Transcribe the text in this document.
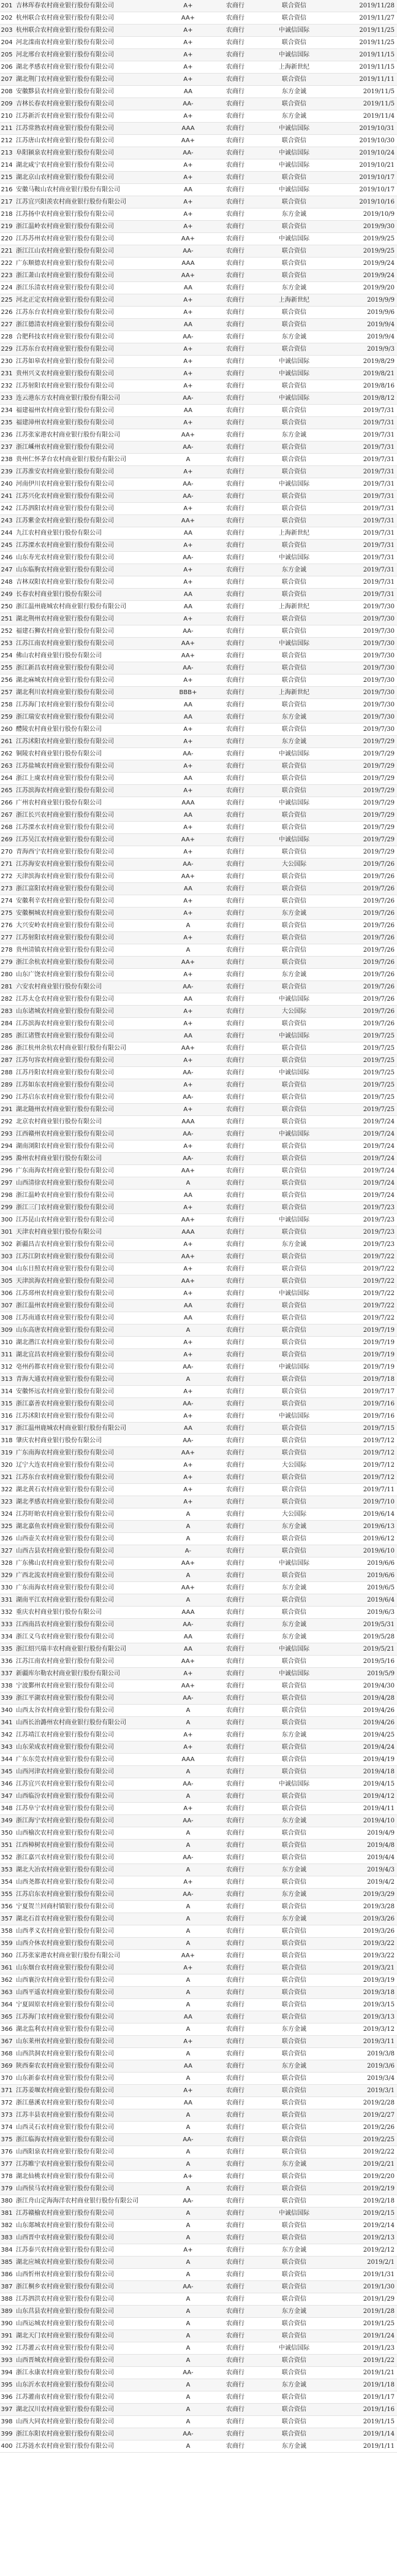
201	吉林珲春农村商业银行股份有限公司	A+	农商行	联合资信	2019/11/28
202	杭州联合农村商业银行股份有限公司	AA+	农商行	联合资信	2019/11/27
203	杭州联合农村商业银行股份有限公司	A+	农商行	中诚信国际	2019/11/25
204	河北滦南农村商业银行股份有限公司	A+	农商行	联合资信	2019/11/25
205	河北邢台农村商业银行股份有限公司	A+	农商行	中诚信国际	2019/11/15
206	湖北孝感农村商业银行股份有限公司	A+	农商行	上海新世纪	2019/11/15
207	湖北荆门农村商业银行股份有限公司	A+	农商行	联合资信	2019/11/11
208	安徽黟县农村商业银行股份有限公司	AA	农商行	东方金诚	2019/11/5
209	吉林长春农村商业银行股份有限公司	AA-	农商行	联合资信	2019/11/5
210	江苏新沂农村商业银行股份有限公司	A+	农商行	东方金诚	2019/11/4
211	江苏常熟农村商业银行股份有限公司	AAA	农商行	中诚信国际	2019/10/31
212	江苏唐山农村商业银行股份有限公司	AA+	农商行	联合资信	2019/10/30
213	阜阳颍泉农村商业银行股份有限公司	AA-	农商行	中诚信国际	2019/10/24
214	湖北咸宁农村商业银行股份有限公司	A+	农商行	中诚信国际	2019/10/21
215	湖北京山农村商业银行股份有限公司	A+	农商行	联合资信	2019/10/17
216	安徽马鞍山农村商业银行股份有限公司	AA	农商行	中诚信国际	2019/10/17
217	江苏宜兴阳羡农村商业银行股份有限公司	A+	农商行	联合资信	2019/10/16
218	江苏扬中农村商业银行股份有限公司	A+	农商行	东方金诚	2019/10/9
219	浙江温岭农村商业银行股份有限公司	A+	农商行	联合资信	2019/9/30
220	江苏苏州农村商业银行股份有限公司	AA+	农商行	中诚信国际	2019/9/25
221	浙江江山农村商业银行股份有限公司	AA-	农商行	联合资信	2019/9/25
222	广东顺德农村商业银行股份有限公司	AAA	农商行	联合资信	2019/9/24
223	浙江萧山农村商业银行股份有限公司	AA+	农商行	联合资信	2019/9/24
224	浙江乐清农村商业银行股份有限公司	AA	农商行	东方金诚	2019/9/20
225	河北正定农村商业银行股份有限公司	A+	农商行	上海新世纪	2019/9/9
226	江苏东台农村商业银行股份有限公司	A+	农商行	联合资信	2019/9/6
227	浙江德清农村商业银行股份有限公司	AA	农商行	联合资信	2019/9/4
228	合肥科技农村商业银行股份有限公司	AA-	农商行	东方金诚	2019/9/4
229	江苏东台农村商业银行股份有限公司	A+	农商行	联合资信	2019/9/3
230	江苏如皋农村商业银行股份有限公司	A+	农商行	中诚信国际	2019/8/29
231	贵州兴义农村商业银行股份有限公司	A+	农商行	中诚信国际	2019/8/21
232	江苏射阳农村商业银行股份有限公司	A+	农商行	联合资信	2019/8/16
233	连云港东方农村商业银行股份有限公司	AA-	农商行	中诚信国际	2019/8/12
234	福建福州农村商业银行股份有限公司	AA	农商行	联合资信	2019/7/31
235	福建漳州农村商业银行股份有限公司	A+	农商行	联合资信	2019/7/31
236	江苏张家港农村商业银行股份有限公司	AA+	农商行	东方金诚	2019/7/31
237	浙江嵊州农村商业银行股份有限公司	AA-	农商行	联合资信	2019/7/31
238	贵州仁怀茅台农村商业银行股份有限公司	A	农商行	联合资信	2019/7/31
239	江苏淮安农村商业银行股份有限公司	A+	农商行	联合资信	2019/7/31
240	河南伊川农村商业银行股份有限公司	AA-	农商行	中诚信国际	2019/7/31
241	江苏兴化农村商业银行股份有限公司	AA-	农商行	联合资信	2019/7/31
242	江苏泗阳农村商业银行股份有限公司	A+	农商行	联合资信	2019/7/31
243	江苏紫金农村商业银行股份有限公司	AA+	农商行	联合资信	2019/7/31
244	九江农村商业银行股份有限公司	AA	农商行	上海新世纪	2019/7/31
245	江苏溧水农村商业银行股份有限公司	A+	农商行	联合资信	2019/7/31
246	山东寿光农村商业银行股份有限公司	AA-	农商行	中诚信国际	2019/7/31
247	山东临朐农村商业银行股份有限公司	A+	农商行	东方金诚	2019/7/31
248	吉林双阳农村商业银行股份有限公司	A+	农商行	联合资信	2019/7/31
249	长春农村商业银行股份有限公司	AA	农商行	联合资信	2019/7/31
250	浙江温州鹿城农村商业银行股份有限公司	AA	农商行	上海新世纪	2019/7/30
251	湖北荆州农村商业银行股份有限公司	A+	农商行	联合资信	2019/7/30
252	福建石狮农村商业银行股份有限公司	AA-	农商行	联合资信	2019/7/30
253	江苏江南农村商业银行股份有限公司	AA+	农商行	中诚信国际	2019/7/30
254	佛山农村商业银行股份有限公司	AA+	农商行	联合资信	2019/7/30
255	浙江新昌农村商业银行股份有限公司	AA-	农商行	联合资信	2019/7/30
256	湖北麻城农村商业银行股份有限公司	A+	农商行	联合资信	2019/7/30
257	湖北利川农村商业银行股份有限公司	BBB+	农商行	上海新世纪	2019/7/30
258	江苏海门农村商业银行股份有限公司	AA	农商行	联合资信	2019/7/30
259	浙江瑞安农村商业银行股份有限公司	AA	农商行	东方金诚	2019/7/30
260	醴陵农村商业银行股份有限公司	A+	农商行	联合资信	2019/7/30
261	江苏沭阳农村商业银行股份有限公司	A+	农商行	东方金诚	2019/7/29
262	铜陵农村商业银行股份有限公司	AA-	农商行	中诚信国际	2019/7/29
263	江苏盐城农村商业银行股份有限公司	A+	农商行	联合资信	2019/7/29
264	浙江上虞农村商业银行股份有限公司	AA	农商行	联合资信	2019/7/29
265	江苏滨海农村商业银行股份有限公司	A+	农商行	联合资信	2019/7/29
266	广州农村商业银行股份有限公司	AAA	农商行	中诚信国际	2019/7/29
267	浙江长兴农村商业银行股份有限公司	AA	农商行	联合资信	2019/7/29
268	江苏溧水农村商业银行股份有限公司	A+	农商行	联合资信	2019/7/29
269	江苏吴江农村商业银行股份有限公司	AA+	农商行	中诚信国际	2019/7/29
270	青海西宁农村商业银行股份有限公司	A+	农商行	联合资信	2019/7/29
271	江苏海安农村商业银行股份有限公司	AA-	农商行	大公国际	2019/7/26
272	天津滨海农村商业银行股份有限公司	AA+	农商行	联合资信	2019/7/26
273	浙江富阳农村商业银行股份有限公司	AA	农商行	联合资信	2019/7/26
274	安徽利辛农村商业银行股份有限公司	A+	农商行	联合资信	2019/7/26
275	安徽桐城农村商业银行股份有限公司	A+	农商行	东方金诚	2019/7/26
276	大兴安岭农村商业银行股份有限公司	A	农商行	联合资信	2019/7/26
277	江苏射阳农村商业银行股份有限公司	A+	农商行	联合资信	2019/7/26
278	贵州清镇农村商业银行股份有限公司	A	农商行	联合资信	2019/7/26
279	浙江余杭农村商业银行股份有限公司	AA+	农商行	联合资信	2019/7/26
280	山东广饶农村商业银行股份有限公司	A+	农商行	东方金诚	2019/7/26
281	六安农村商业银行股份有限公司	AA-	农商行	联合资信	2019/7/26
282	江苏太仓农村商业银行股份有限公司	AA	农商行	中诚信国际	2019/7/26
283	山东诸城农村商业银行股份有限公司	A+	农商行	大公国际	2019/7/26
284	江苏滨海农村商业银行股份有限公司	A+	农商行	联合资信	2019/7/26
285	浙江诸暨农村商业银行股份有限公司	AA	农商行	中诚信国际	2019/7/25
286	浙江杭州余杭农村商业银行股份有限公司	AA+	农商行	联合资信	2019/7/25
287	江苏句容农村商业银行股份有限公司	A+	农商行	联合资信	2019/7/25
288	江苏丹阳农村商业银行股份有限公司	AA-	农商行	中诚信国际	2019/7/25
289	江苏如东农村商业银行股份有限公司	A+	农商行	联合资信	2019/7/25
290	江苏启东农村商业银行股份有限公司	AA-	农商行	联合资信	2019/7/25
291	湖北随州农村商业银行股份有限公司	A+	农商行	联合资信	2019/7/25
292	北京农村商业银行股份有限公司	AAA	农商行	联合资信	2019/7/24
293	江西赣州农村商业银行股份有限公司	AA-	农商行	中诚信国际	2019/7/24
294	湖南浏阳农村商业银行股份有限公司	A+	农商行	联合资信	2019/7/24
295	滁州农村商业银行股份有限公司	AA-	农商行	联合资信	2019/7/24
296	广东南海农村商业银行股份有限公司	AA+	农商行	联合资信	2019/7/24
297	山西清徐农村商业银行股份有限公司	A	农商行	联合资信	2019/7/24
298	浙江温岭农村商业银行股份有限公司	AA	农商行	联合资信	2019/7/24
299	浙江三门农村商业银行股份有限公司	A+	农商行	联合资信	2019/7/23
300	江苏昆山农村商业银行股份有限公司	AA+	农商行	中诚信国际	2019/7/23
301	天津农村商业银行股份有限公司	AAA	农商行	联合资信	2019/7/23
302	新疆昌吉农村商业银行股份有限公司	A+	农商行	东方金诚	2019/7/23
303	江苏江阴农村商业银行股份有限公司	AA+	农商行	联合资信	2019/7/22
304	山东日照农村商业银行股份有限公司	A+	农商行	联合资信	2019/7/22
305	天津滨海农村商业银行股份有限公司	AA+	农商行	联合资信	2019/7/22
306	江苏邳州农村商业银行股份有限公司	A+	农商行	中诚信国际	2019/7/22
307	浙江温州农村商业银行股份有限公司	AA	农商行	联合资信	2019/7/22
308	江苏南通农村商业银行股份有限公司	AA	农商行	联合资信	2019/7/22
309	山东高唐农村商业银行股份有限公司	A	农商行	联合资信	2019/7/19
310	湖北潜江农村商业银行股份有限公司	A+	农商行	联合资信	2019/7/19
311	湖北宜昌农村商业银行股份有限公司	A+	农商行	联合资信	2019/7/19
312	亳州药都农村商业银行股份有限公司	AA-	农商行	中诚信国际	2019/7/19
313	青海大通农村商业银行股份有限公司	A	农商行	联合资信	2019/7/18
314	安徽怀远农村商业银行股份有限公司	A+	农商行	联合资信	2019/7/17
315	浙江嘉善农村商业银行股份有限公司	AA-	农商行	联合资信	2019/7/16
316	江苏沭阳农村商业银行股份有限公司	A+	农商行	中诚信国际	2019/7/16
317	浙江温州鹿城农村商业银行股份有限公司	AA	农商行	联合资信	2019/7/15
318	肇庆农村商业银行股份有限公司	AA-	农商行	联合资信	2019/7/12
319	广东南海农村商业银行股份有限公司	AA+	农商行	联合资信	2019/7/12
320	辽宁大连农村商业银行股份有限公司	A+	农商行	大公国际	2019/7/12
321	江苏东台农村商业银行股份有限公司	A+	农商行	联合资信	2019/7/12
322	湖北黄石农村商业银行股份有限公司	A+	农商行	联合资信	2019/7/11
323	湖北孝感农村商业银行股份有限公司	A+	农商行	联合资信	2019/7/10
324	江苏盱眙农村商业银行股份有限公司	A	农商行	大公国际	2019/6/14
325	湖北嘉鱼农村商业银行股份有限公司	A	农商行	东方金诚	2019/6/13
326	山西壶关农村商业银行股份有限公司	A	农商行	联合资信	2019/6/12
327	山西古县农村商业银行股份有限公司	A-	农商行	联合资信	2019/6/10
328	广东佛山农村商业银行股份有限公司	AA+	农商行	中诚信国际	2019/6/6
329	广西北流农村商业银行股份有限公司	A	农商行	联合资信	2019/6/6
330	广东南海农村商业银行股份有限公司	AA+	农商行	东方金诚	2019/6/5
331	湖南平江农村商业银行股份有限公司	A	农商行	联合资信	2019/6/4
332	重庆农村商业银行股份有限公司	AAA	农商行	联合资信	2019/6/3
333	江西南昌农村商业银行股份有限公司	AA-	农商行	东方金诚	2019/5/31
334	浙江义乌农村商业银行股份有限公司	AA	农商行	东方金诚	2019/5/28
335	浙江绍兴瑞丰农村商业银行股份有限公司	AA	农商行	中诚信国际	2019/5/21
336	江苏江南农村商业银行股份有限公司	AA+	农商行	联合资信	2019/5/16
337	新疆库尔勒农村商业银行股份有限公司	A+	农商行	中诚信国际	2019/5/9
338	宁波鄞州农村商业银行股份有限公司	AA+	农商行	联合资信	2019/4/30
339	浙江平湖农村商业银行股份有限公司	AA-	农商行	联合资信	2019/4/28
340	山西太谷农村商业银行股份有限公司	A	农商行	联合资信	2019/4/26
341	山西长治潞州农村商业银行股份有限公司	A	农商行	联合资信	2019/4/26
342	江苏靖江农村商业银行股份有限公司	A+	农商行	东方金诚	2019/4/25
343	山东荣成农村商业银行股份有限公司	A+	农商行	联合资信	2019/4/24
344	广东东莞农村商业银行股份有限公司	AAA	农商行	联合资信	2019/4/19
345	山西河津农村商业银行股份有限公司	A	农商行	联合资信	2019/4/18
346	江苏宜兴农村商业银行股份有限公司	AA-	农商行	中诚信国际	2019/4/15
347	山西临汾农村商业银行股份有限公司	A	农商行	联合资信	2019/4/12
348	江苏阜宁农村商业银行股份有限公司	A+	农商行	联合资信	2019/4/11
349	浙江海宁农村商业银行股份有限公司	AA-	农商行	东方金诚	2019/4/10
350	山西榆次农村商业银行股份有限公司	A	农商行	联合资信	2019/4/9
351	江西樟树农村商业银行股份有限公司	A	农商行	联合资信	2019/4/8
352	浙江嘉兴农村商业银行股份有限公司	AA-	农商行	联合资信	2019/4/4
353	湖北大冶农村商业银行股份有限公司	A	农商行	东方金诚	2019/4/3
354	山西尧都农村商业银行股份有限公司	A+	农商行	联合资信	2019/4/2
355	江苏启东农村商业银行股份有限公司	AA-	农商行	东方金诚	2019/3/29
356	宁夏贺兰回商村镇银行股份有限公司	A	农商行	联合资信	2019/3/28
357	湖北石首农村商业银行股份有限公司	A	农商行	东方金诚	2019/3/26
358	山西孝义农村商业银行股份有限公司	A	农商行	联合资信	2019/3/26
359	山西介休农村商业银行股份有限公司	A	农商行	联合资信	2019/3/22
360	江苏张家港农村商业银行股份有限公司	AA+	农商行	联合资信	2019/3/22
361	山东烟台农村商业银行股份有限公司	A+	农商行	联合资信	2019/3/21
362	山西襄汾农村商业银行股份有限公司	A	农商行	联合资信	2019/3/19
363	山西平遥农村商业银行股份有限公司	A	农商行	联合资信	2019/3/18
364	宁夏固原农村商业银行股份有限公司	A	农商行	联合资信	2019/3/15
365	江苏海门农村商业银行股份有限公司	AA	农商行	联合资信	2019/3/13
366	湖北监利农村商业银行股份有限公司	A	农商行	东方金诚	2019/3/12
367	山东莱州农村商业银行股份有限公司	A+	农商行	联合资信	2019/3/11
368	山西洪洞农村商业银行股份有限公司	A	农商行	联合资信	2019/3/8
369	陕西秦农农村商业银行股份有限公司	AA	农商行	东方金诚	2019/3/6
370	山东新泰农村商业银行股份有限公司	A	农商行	联合资信	2019/3/4
371	江苏姜堰农村商业银行股份有限公司	A+	农商行	联合资信	2019/3/1
372	浙江慈溪农村商业银行股份有限公司	AA	农商行	联合资信	2019/2/28
373	江苏丰县农村商业银行股份有限公司	A	农商行	联合资信	2019/2/27
374	山西灵石农村商业银行股份有限公司	A	农商行	联合资信	2019/2/26
375	浙江临海农村商业银行股份有限公司	AA-	农商行	联合资信	2019/2/25
376	山西阳泉农村商业银行股份有限公司	A	农商行	联合资信	2019/2/22
377	江苏睢宁农村商业银行股份有限公司	A	农商行	东方金诚	2019/2/21
378	湖北仙桃农村商业银行股份有限公司	A+	农商行	联合资信	2019/2/20
379	山西侯马农村商业银行股份有限公司	A	农商行	联合资信	2019/2/19
380	浙江舟山定海海洋农村商业银行股份有限公司	AA-	农商行	联合资信	2019/2/18
381	江苏赣榆农村商业银行股份有限公司	A	农商行	中诚信国际	2019/2/15
382	山东郯城农村商业银行股份有限公司	A	农商行	联合资信	2019/2/14
383	山西晋中农村商业银行股份有限公司	A	农商行	联合资信	2019/2/13
384	江苏泰兴农村商业银行股份有限公司	A+	农商行	东方金诚	2019/2/12
385	湖北应城农村商业银行股份有限公司	A	农商行	联合资信	2019/2/1
386	山西忻州农村商业银行股份有限公司	A	农商行	联合资信	2019/1/31
387	浙江桐乡农村商业银行股份有限公司	AA-	农商行	联合资信	2019/1/30
388	江苏泗洪农村商业银行股份有限公司	A	农商行	联合资信	2019/1/29
389	山东莒县农村商业银行股份有限公司	A	农商行	东方金诚	2019/1/28
390	山西运城农村商业银行股份有限公司	A	农商行	联合资信	2019/1/25
391	湖北天门农村商业银行股份有限公司	A	农商行	联合资信	2019/1/24
392	江苏灌云农村商业银行股份有限公司	A	农商行	中诚信国际	2019/1/23
393	山西晋城农村商业银行股份有限公司	A	农商行	联合资信	2019/1/22
394	浙江永康农村商业银行股份有限公司	AA-	农商行	联合资信	2019/1/21
395	山东沂水农村商业银行股份有限公司	A	农商行	东方金诚	2019/1/18
396	江苏灌南农村商业银行股份有限公司	A	农商行	联合资信	2019/1/17
397	湖北汉川农村商业银行股份有限公司	A	农商行	联合资信	2019/1/16
398	山西大同农村商业银行股份有限公司	A	农商行	联合资信	2019/1/15
399	浙江东阳农村商业银行股份有限公司	AA-	农商行	联合资信	2019/1/14
400	江苏涟水农村商业银行股份有限公司	A	农商行	东方金诚	2019/1/11
